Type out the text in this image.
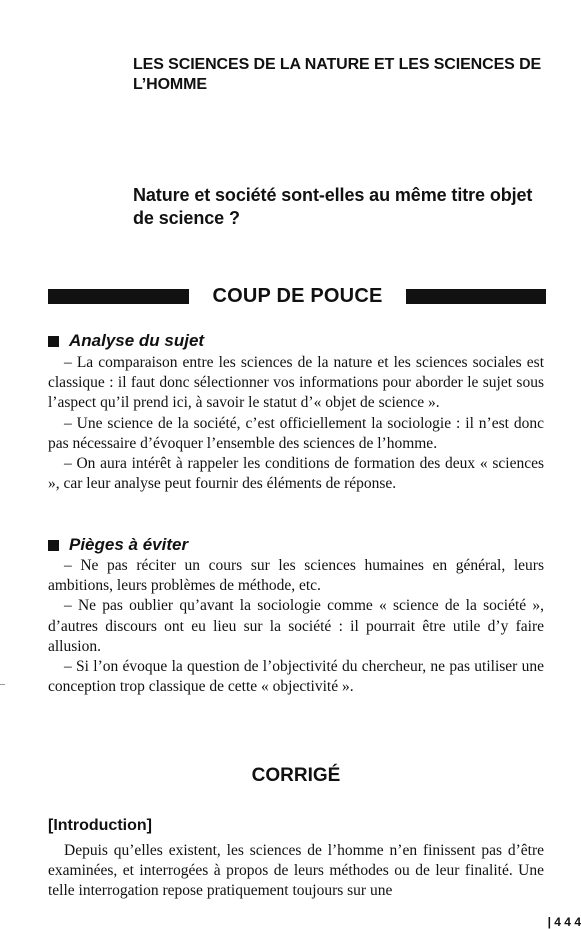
LES SCIENCES DE LA NATURE ET LES SCIENCES DE L’HOMME
Nature et société sont-elles au même titre objet de science ?
COUP DE POUCE
Analyse du sujet

– La comparaison entre les sciences de la nature et les sciences sociales est classique : il faut donc sélectionner vos informations pour aborder le sujet sous l’aspect qu’il prend ici, à savoir le statut d’« objet de science ».

– Une science de la société, c’est officiellement la sociologie : il n’est donc pas nécessaire d’évoquer l’ensemble des sciences de l’homme.

– On aura intérêt à rappeler les conditions de formation des deux « sciences », car leur analyse peut fournir des éléments de réponse.

Pièges à éviter

– Ne pas réciter un cours sur les sciences humaines en général, leurs ambitions, leurs problèmes de méthode, etc.

– Ne pas oublier qu’avant la sociologie comme « science de la société », d’autres discours ont eu lieu sur la société : il pourrait être utile d’y faire allusion.

– Si l’on évoque la question de l’objectivité du chercheur, ne pas utiliser une conception trop classique de cette « objectivité ».

CORRIGÉ
[Introduction]

Depuis qu’elles existent, les sciences de l’homme n’en finissent pas d’être examinées, et interrogées à propos de leurs méthodes ou de leur finalité. Une telle interrogation repose pratiquement toujours sur une

| 4 4 4
